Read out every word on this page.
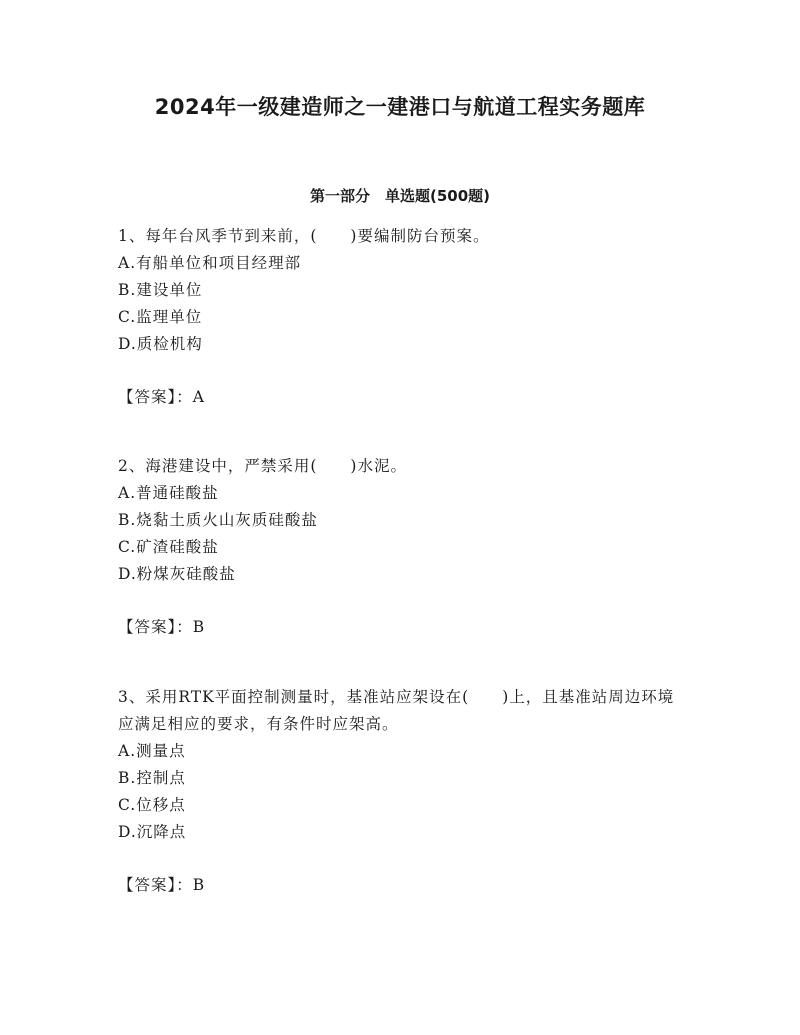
2024年一级建造师之一建港口与航道工程实务题库
第一部分　单选题(500题)

1、每年台风季节到来前，(　　)要编制防台预案。

A.有船单位和项目经理部

B.建设单位

C.监理单位

D.质检机构

【答案】：A

2、海港建设中，严禁采用(　　)水泥。

A.普通硅酸盐

B.烧黏土质火山灰质硅酸盐

C.矿渣硅酸盐

D.粉煤灰硅酸盐

【答案】：B

3、采用RTK平面控制测量时，基准站应架设在(　　)上，且基准站周边环境应满足相应的要求，有条件时应架高。

A.测量点

B.控制点

C.位移点

D.沉降点

【答案】：B
